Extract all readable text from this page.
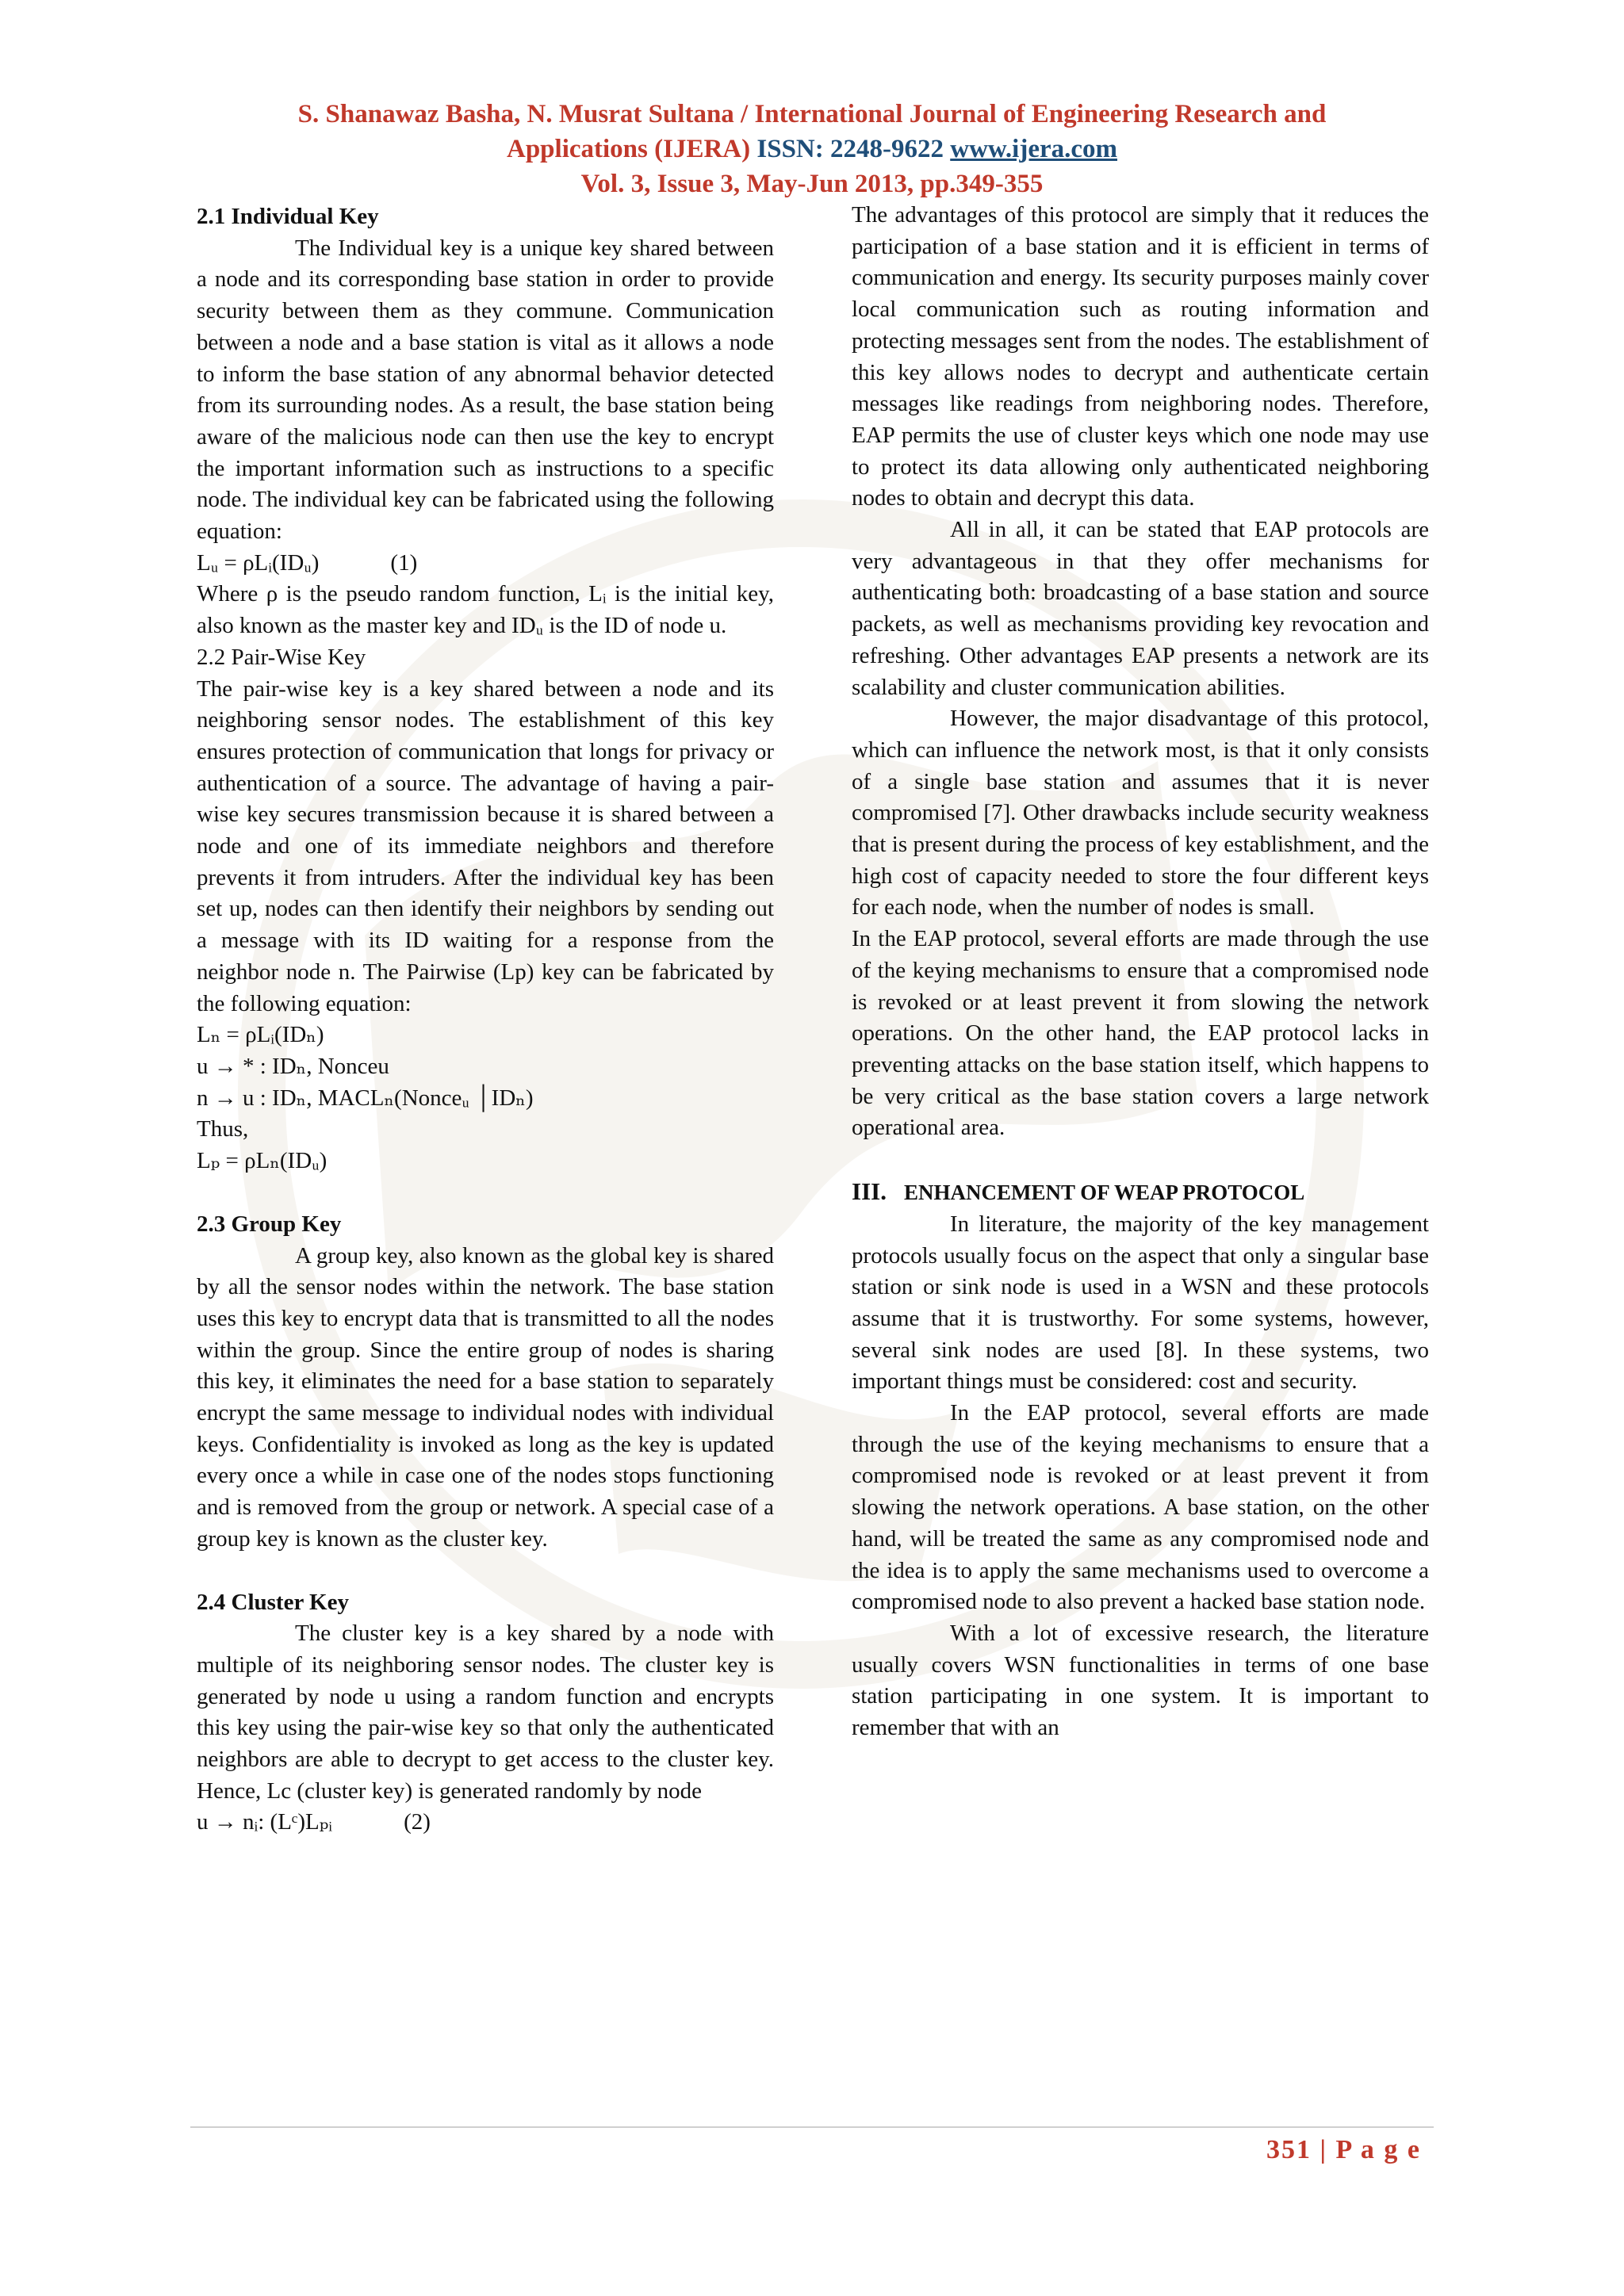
S. Shanawaz Basha, N. Musrat Sultana / International Journal of Engineering Research and
Applications (IJERA) ISSN: 2248-9622 www.ijera.com
Vol. 3, Issue 3, May-Jun 2013, pp.349-355

2.1 Individual Key

The Individual key is a unique key shared between a node and its corresponding base station in order to provide security between them as they commune. Communication between a node and a base station is vital as it allows a node to inform the base station of any abnormal behavior detected from its surrounding nodes. As a result, the base station being aware of the malicious node can then use the key to encrypt the important information such as instructions to a specific node. The individual key can be fabricated using the following equation:

Lᵤ = ρLᵢ(IDᵤ)	(1)

Where ρ is the pseudo random function, Lᵢ is the initial key, also known as the master key and IDᵤ is the ID of node u.

2.2 Pair-Wise Key

The pair-wise key is a key shared between a node and its neighboring sensor nodes. The establishment of this key ensures protection of communication that longs for privacy or authentication of a source. The advantage of having a pair-wise key secures transmission because it is shared between a node and one of its immediate neighbors and therefore prevents it from intruders. After the individual key has been set up, nodes can then identify their neighbors by sending out a message with its ID waiting for a response from the neighbor node n. The Pairwise (Lp) key can be fabricated by the following equation:

Lₙ = ρLᵢ(IDₙ)

u → * : IDₙ, Nonceu

n → u : IDₙ, MACLₙ(Nonceᵤ │IDₙ)

Thus,

Lₚ = ρLₙ(IDᵤ)

2.3 Group Key

A group key, also known as the global key is shared by all the sensor nodes within the network. The base station uses this key to encrypt data that is transmitted to all the nodes within the group. Since the entire group of nodes is sharing this key, it eliminates the need for a base station to separately encrypt the same message to individual nodes with individual keys. Confidentiality is invoked as long as the key is updated every once a while in case one of the nodes stops functioning and is removed from the group or network. A special case of a group key is known as the cluster key.

2.4 Cluster Key

The cluster key is a key shared by a node with multiple of its neighboring sensor nodes. The cluster key is generated by node u using a random function and encrypts this key using the pair-wise key so that only the authenticated neighbors are able to decrypt to get access to the cluster key. Hence, Lc (cluster key) is generated randomly by node

u → nᵢ: (Lᶜ)Lₚᵢ	(2)

The advantages of this protocol are simply that it reduces the participation of a base station and it is efficient in terms of communication and energy. Its security purposes mainly cover local communication such as routing information and protecting messages sent from the nodes. The establishment of this key allows nodes to decrypt and authenticate certain messages like readings from neighboring nodes. Therefore, EAP permits the use of cluster keys which one node may use to protect its data allowing only authenticated neighboring nodes to obtain and decrypt this data.

All in all, it can be stated that EAP protocols are very advantageous in that they offer mechanisms for authenticating both: broadcasting of a base station and source packets, as well as mechanisms providing key revocation and refreshing. Other advantages EAP presents a network are its scalability and cluster communication abilities.

However, the major disadvantage of this protocol, which can influence the network most, is that it only consists of a single base station and assumes that it is never compromised [7]. Other drawbacks include security weakness that is present during the process of key establishment, and the high cost of capacity needed to store the four different keys for each node, when the number of nodes is small.

In the EAP protocol, several efforts are made through the use of the keying mechanisms to ensure that a compromised node is revoked or at least prevent it from slowing the network operations. On the other hand, the EAP protocol lacks in preventing attacks on the base station itself, which happens to be very critical as the base station covers a large network operational area.

III. ENHANCEMENT OF WEAP PROTOCOL

In literature, the majority of the key management protocols usually focus on the aspect that only a singular base station or sink node is used in a WSN and these protocols assume that it is trustworthy. For some systems, however, several sink nodes are used [8]. In these systems, two important things must be considered: cost and security.

In the EAP protocol, several efforts are made through the use of the keying mechanisms to ensure that a compromised node is revoked or at least prevent it from slowing the network operations. A base station, on the other hand, will be treated the same as any compromised node and the idea is to apply the same mechanisms used to overcome a compromised node to also prevent a hacked base station node.

With a lot of excessive research, the literature usually covers WSN functionalities in terms of one base station participating in one system. It is important to remember that with an

351 | P a g e
